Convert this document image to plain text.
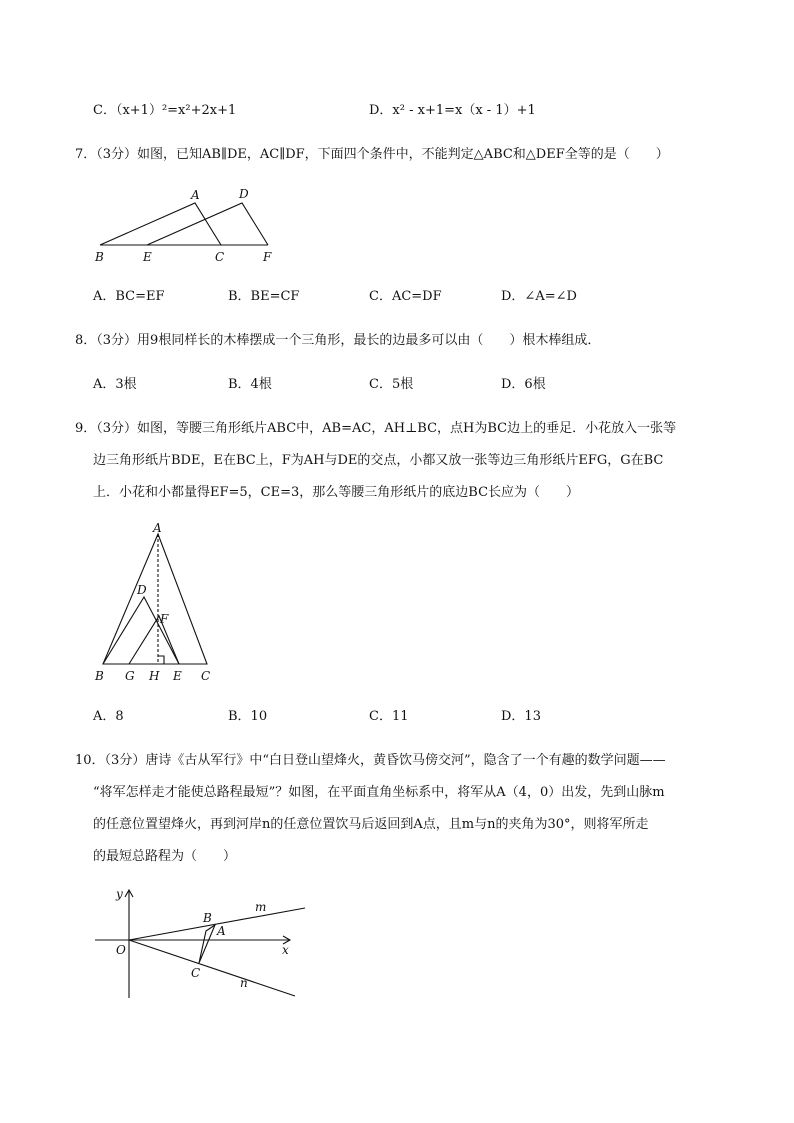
C．（x+1）²=x²+2x+1	D．x² - x+1=x（x - 1）+1
7．（3分）如图，已知AB∥DE，AC∥DF，下面四个条件中，不能判定△ABC和△DEF全等的是（　　）
A	D
B	E	C	F
A．BC=EF	B．BE=CF	C．AC=DF	D．∠A=∠D
8．（3分）用9根同样长的木棒摆成一个三角形，最长的边最多可以由（　　）根木棒组成．
A．3根	B．4根	C．5根	D．6根
9．（3分）如图，等腰三角形纸片ABC中，AB=AC，AH⊥BC，点H为BC边上的垂足．小花放入一张等
边三角形纸片BDE，E在BC上，F为AH与DE的交点，小都又放一张等边三角形纸片EFG，G在BC
上．小花和小都量得EF=5，CE=3，那么等腰三角形纸片的底边BC长应为（　　）
A
D
F
B G H E C
A．8	B．10	C．11	D．13
10．（3分）唐诗《古从军行》中“白日登山望烽火，黄昏饮马傍交河”，隐含了一个有趣的数学问题——
“将军怎样走才能使总路程最短”？如图，在平面直角坐标系中，将军从A（4，0）出发，先到山脉m
的任意位置望烽火，再到河岸n的任意位置饮马后返回到A点，且m与n的夹角为30°，则将军所走
的最短总路程为（　　）
y
x
O
B
A
C
m
n
